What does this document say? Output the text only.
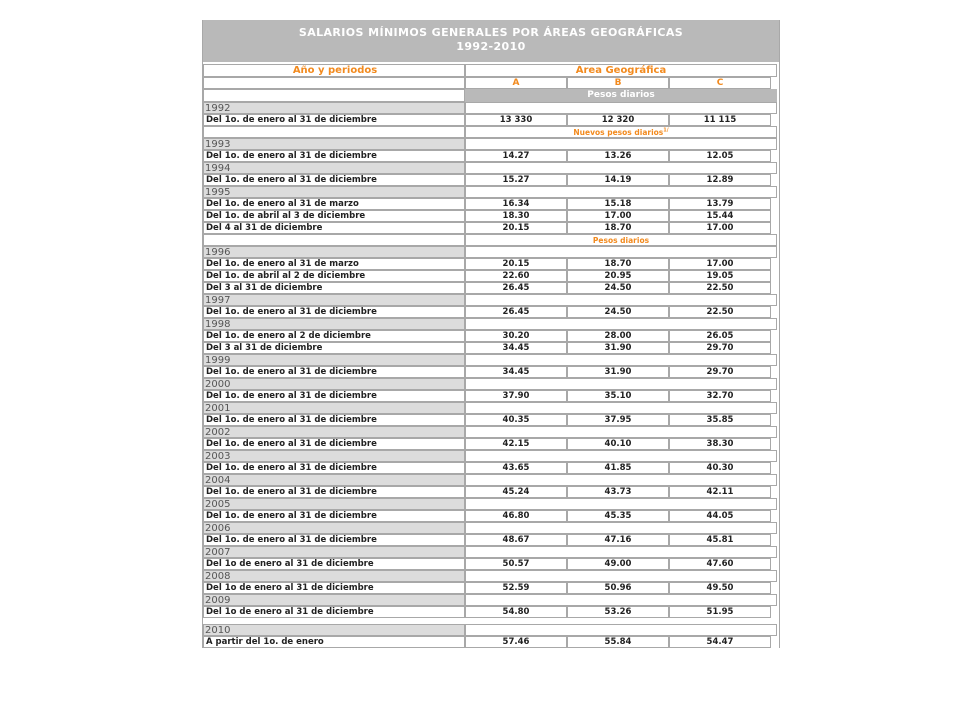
SALARIOS MÍNIMOS GENERALES POR ÁREAS GEOGRÁFICAS
1992-2010
Año y periodos	Área Geográfica
A	B	C
Pesos diarios
1992
Del 1o. de enero al 31 de diciembre	13 330	12 320	11 115
Nuevos pesos diarios$^{1/}$
1993
Del 1o. de enero al 31 de diciembre	14.27	13.26	12.05
1994
Del 1o. de enero al 31 de diciembre	15.27	14.19	12.89
1995
Del 1o. de enero al 31 de marzo	16.34	15.18	13.79
Del 1o. de abril al 3 de diciembre	18.30	17.00	15.44
Del 4 al 31 de diciembre	20.15	18.70	17.00
Pesos diarios
1996
Del 1o. de enero al 31 de marzo	20.15	18.70	17.00
Del 1o. de abril al 2 de diciembre	22.60	20.95	19.05
Del 3 al 31 de diciembre	26.45	24.50	22.50
1997
Del 1o. de enero al 31 de diciembre	26.45	24.50	22.50
1998
Del 1o. de enero al 2 de diciembre	30.20	28.00	26.05
Del 3 al 31 de diciembre	34.45	31.90	29.70
1999
Del 1o. de enero al 31 de diciembre	34.45	31.90	29.70
2000
Del 1o. de enero al 31 de diciembre	37.90	35.10	32.70
2001
Del 1o. de enero al 31 de diciembre	40.35	37.95	35.85
2002
Del 1o. de enero al 31 de diciembre	42.15	40.10	38.30
2003
Del 1o. de enero al 31 de diciembre	43.65	41.85	40.30
2004
Del 1o. de enero al 31 de diciembre	45.24	43.73	42.11
2005
Del 1o. de enero al 31 de diciembre	46.80	45.35	44.05
2006
Del 1o. de enero al 31 de diciembre	48.67	47.16	45.81
2007
Del 1o de enero al 31 de diciembre	50.57	49.00	47.60
2008
Del 1o de enero al 31 de diciembre	52.59	50.96	49.50
2009
Del 1o de enero al 31 de diciembre	54.80	53.26	51.95
2010
A partir del 1o. de enero	57.46	55.84	54.47
